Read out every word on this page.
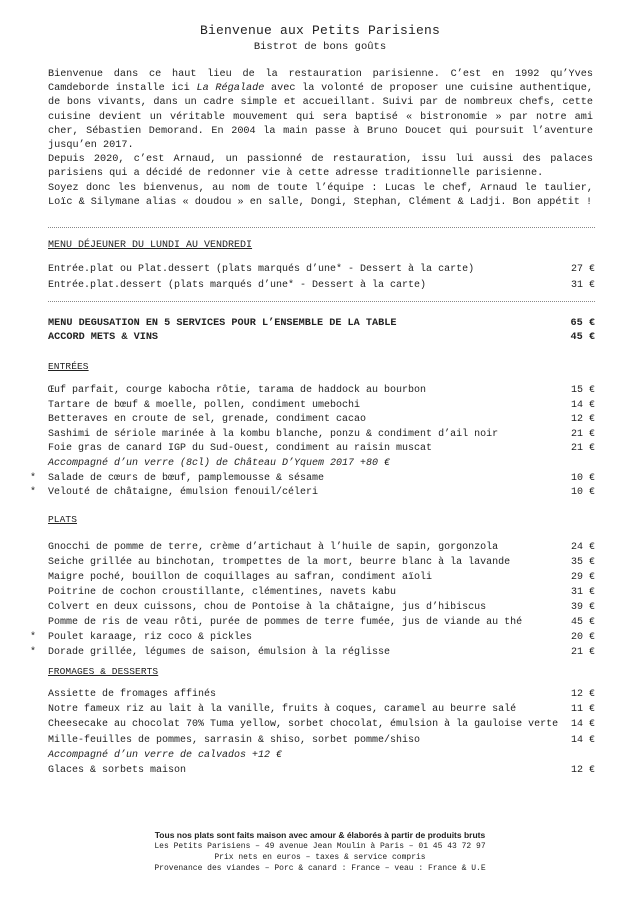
Bienvenue aux Petits Parisiens
Bistrot de bons goûts

Bienvenue dans ce haut lieu de la restauration parisienne. C’est en 1992 qu’Yves Camdeborde installe ici La Régalade avec la volonté de proposer une cuisine authentique, de bons vivants, dans un cadre simple et accueillant. Suivi par de nombreux chefs, cette cuisine devient un véritable mouvement qui sera baptisé « bistronomie » par notre ami cher, Sébastien Demorand. En 2004 la main passe à Bruno Doucet qui poursuit l’aventure jusqu’en 2017.

Depuis 2020, c’est Arnaud, un passionné de restauration, issu lui aussi des palaces parisiens qui a décidé de redonner vie à cette adresse traditionnelle parisienne.

Soyez donc les bienvenus, au nom de toute l’équipe : Lucas le chef, Arnaud le taulier, Loïc & Silymane alias « doudou » en salle, Dongi, Stephan, Clément & Ladji. Bon appétit !

MENU DÉJEUNER DU LUNDI AU VENDREDI
Entrée.plat ou Plat.dessert (plats marqués d’une* - Dessert à la carte)	27 €
Entrée.plat.dessert (plats marqués d’une* - Dessert à la carte)	31 €
MENU DEGUSATION EN 5 SERVICES POUR L’ENSEMBLE DE LA TABLE	65 €
ACCORD METS & VINS	45 €
ENTRÉES
Œuf parfait, courge kabocha rôtie, tarama de haddock au bourbon	15 €
Tartare de bœuf & moelle, pollen, condiment umebochi	14 €
Betteraves en croute de sel, grenade, condiment cacao	12 €
Sashimi de sériole marinée à la kombu blanche, ponzu & condiment d’ail noir	21 €
Foie gras de canard IGP du Sud-Ouest, condiment au raisin muscat	21 €
Accompagné d’un verre (8cl) de Château D’Yquem 2017 +80 €
* Salade de cœurs de bœuf, pamplemousse & sésame	10 €
* Velouté de châtaigne, émulsion fenouil/céleri	10 €
PLATS
Gnocchi de pomme de terre, crème d’artichaut à l’huile de sapin, gorgonzola	24 €
Seiche grillée au binchotan, trompettes de la mort, beurre blanc à la lavande	35 €
Maigre poché, bouillon de coquillages au safran, condiment aïoli	29 €
Poitrine de cochon croustillante, clémentines, navets kabu	31 €
Colvert en deux cuissons, chou de Pontoise à la châtaigne, jus d’hibiscus	39 €
Pomme de ris de veau rôti, purée de pommes de terre fumée, jus de viande au thé	45 €
* Poulet karaage, riz coco & pickles	20 €
* Dorade grillée, légumes de saison, émulsion à la réglisse	21 €
FROMAGES & DESSERTS
Assiette de fromages affinés	12 €
Notre fameux riz au lait à la vanille, fruits à coques, caramel au beurre salé	11 €
Cheesecake au chocolat 70% Tuma yellow, sorbet chocolat, émulsion à la gauloise verte 14 €
Mille-feuilles de pommes, sarrasin & shiso, sorbet pomme/shiso	14 €
Accompagné d’un verre de calvados +12 €
Glaces & sorbets maison	12 €
Tous nos plats sont faits maison avec amour & élaborés à partir de produits bruts
Les Petits Parisiens – 49 avenue Jean Moulin à Paris – 01 45 43 72 97
Prix nets en euros – taxes & service compris
Provenance des viandes – Porc & canard : France – veau : France & U.E
